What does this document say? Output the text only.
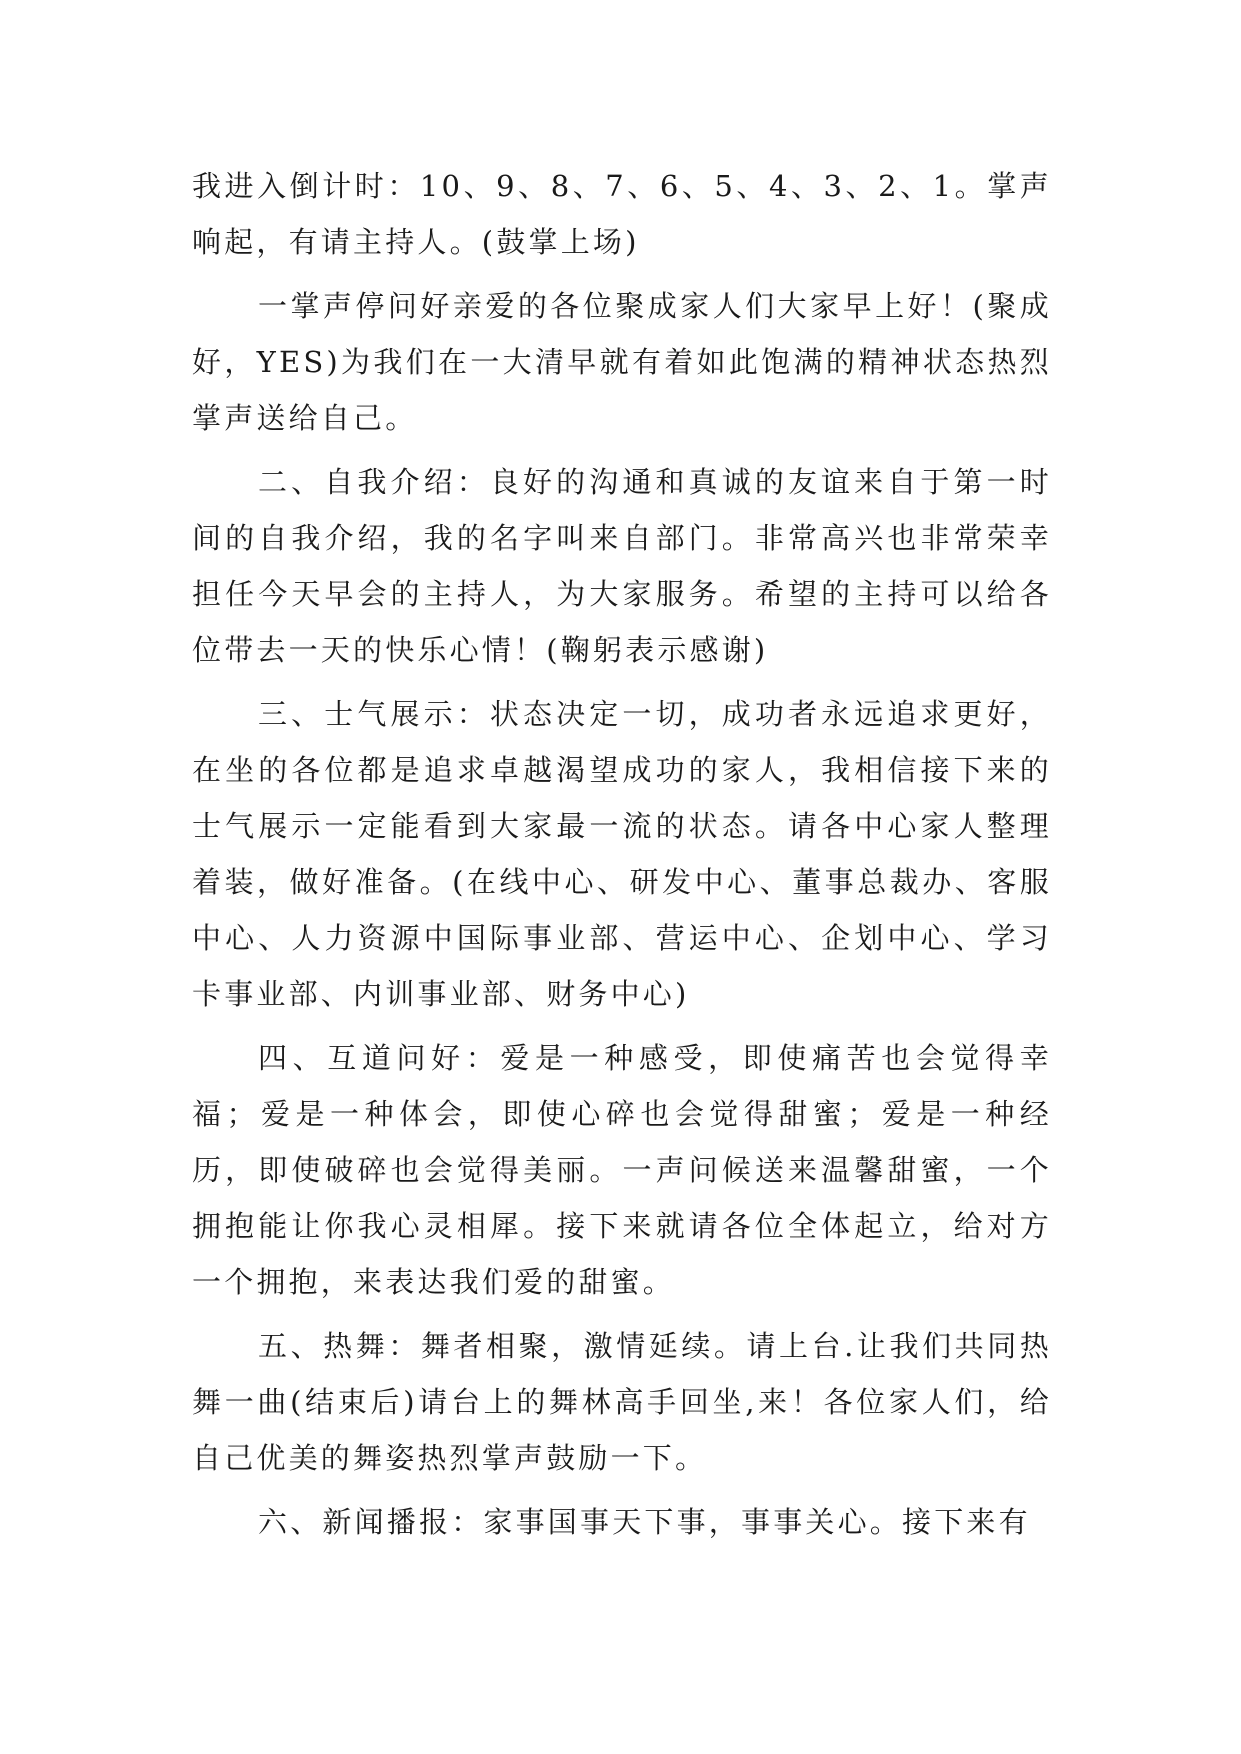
我进入倒计时：10、9、8、7、6、5、4、3、2、1。掌声响起，有请主持人。(鼓掌上场)

一掌声停问好亲爱的各位聚成家人们大家早上好！(聚成好，YES)为我们在一大清早就有着如此饱满的精神状态热烈掌声送给自己。

二、自我介绍：良好的沟通和真诚的友谊来自于第一时间的自我介绍，我的名字叫来自部门。非常高兴也非常荣幸担任今天早会的主持人，为大家服务。希望的主持可以给各位带去一天的快乐心情！(鞠躬表示感谢)

三、士气展示：状态决定一切，成功者永远追求更好，在坐的各位都是追求卓越渴望成功的家人，我相信接下来的士气展示一定能看到大家最一流的状态。请各中心家人整理着装，做好准备。(在线中心、研发中心、董事总裁办、客服中心、人力资源中国际事业部、营运中心、企划中心、学习卡事业部、内训事业部、财务中心)

四、互道问好：爱是一种感受，即使痛苦也会觉得幸福；爱是一种体会，即使心碎也会觉得甜蜜；爱是一种经历，即使破碎也会觉得美丽。一声问候送来温馨甜蜜，一个拥抱能让你我心灵相犀。接下来就请各位全体起立，给对方一个拥抱，来表达我们爱的甜蜜。

五、热舞：舞者相聚，激情延续。请上台.让我们共同热舞一曲(结束后)请台上的舞林高手回坐,来！各位家人们，给自己优美的舞姿热烈掌声鼓励一下。

六、新闻播报：家事国事天下事，事事关心。接下来有
